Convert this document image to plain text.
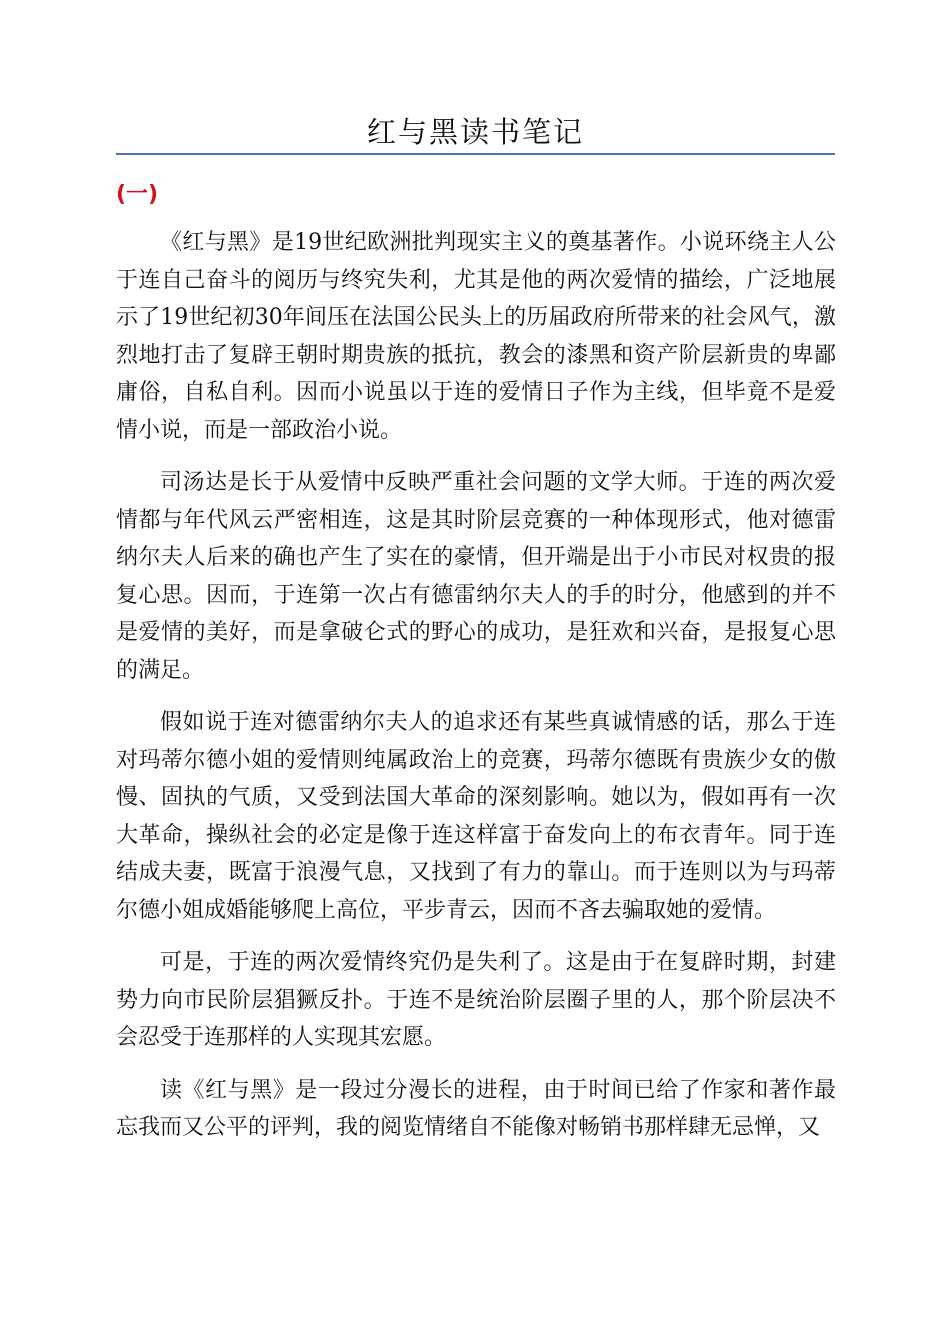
红与黑读书笔记
(一)

《红与黑》是19世纪欧洲批判现实主义的奠基著作。小说环绕主人公于连自己奋斗的阅历与终究失利，尤其是他的两次爱情的描绘，广泛地展示了19世纪初30年间压在法国公民头上的历届政府所带来的社会风气，激烈地打击了复辟王朝时期贵族的抵抗，教会的漆黑和资产阶层新贵的卑鄙庸俗，自私自利。因而小说虽以于连的爱情日子作为主线，但毕竟不是爱情小说，而是一部政治小说。

司汤达是长于从爱情中反映严重社会问题的文学大师。于连的两次爱情都与年代风云严密相连，这是其时阶层竞赛的一种体现形式，他对德雷纳尔夫人后来的确也产生了实在的豪情，但开端是出于小市民对权贵的报复心思。因而，于连第一次占有德雷纳尔夫人的手的时分，他感到的并不是爱情的美好，而是拿破仑式的野心的成功，是狂欢和兴奋，是报复心思的满足。

假如说于连对德雷纳尔夫人的追求还有某些真诚情感的话，那么于连对玛蒂尔德小姐的爱情则纯属政治上的竞赛，玛蒂尔德既有贵族少女的傲慢、固执的气质，又受到法国大革命的深刻影响。她以为，假如再有一次大革命，操纵社会的必定是像于连这样富于奋发向上的布衣青年。同于连结成夫妻，既富于浪漫气息，又找到了有力的靠山。而于连则以为与玛蒂尔德小姐成婚能够爬上高位，平步青云，因而不吝去骗取她的爱情。

可是，于连的两次爱情终究仍是失利了。这是由于在复辟时期，封建势力向市民阶层猖獗反扑。于连不是统治阶层圈子里的人，那个阶层决不会忍受于连那样的人实现其宏愿。

读《红与黑》是一段过分漫长的进程，由于时间已给了作家和著作最忘我而又公平的评判，我的阅览情绪自不能像对畅销书那样肆无忌惮，又
